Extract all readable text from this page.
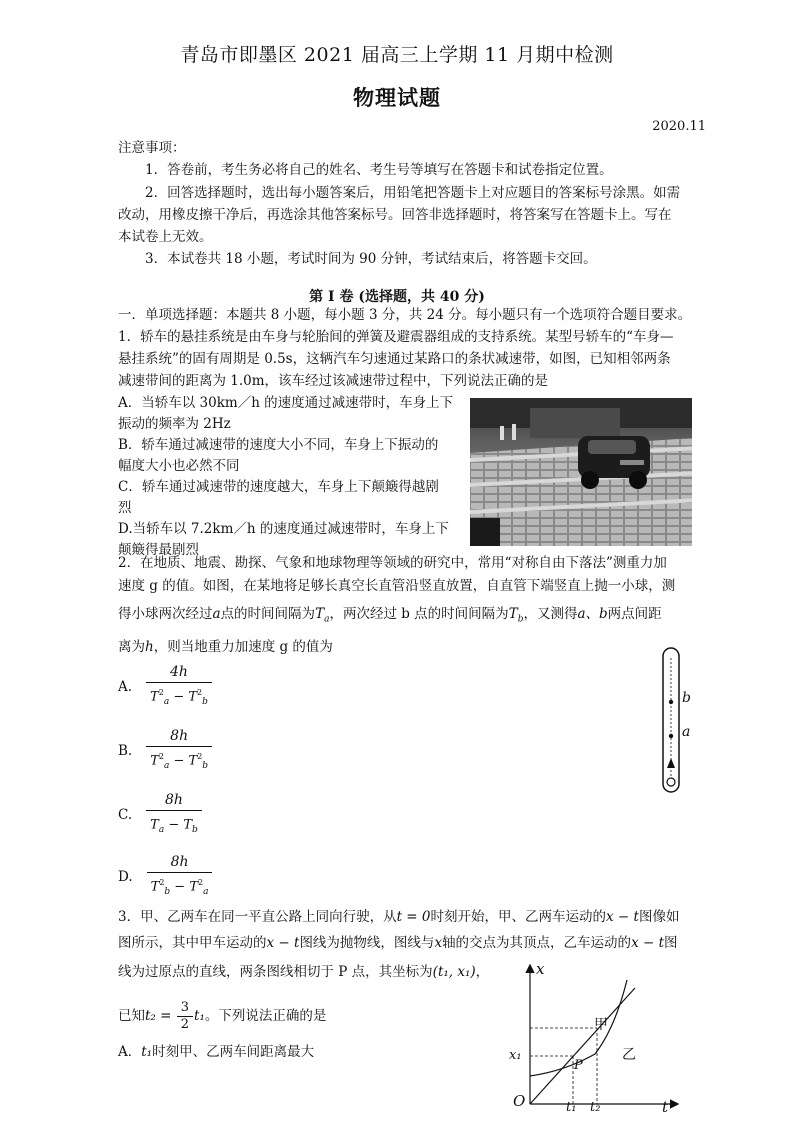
青岛市即墨区 2021 届高三上学期 11 月期中检测
物理试题
2020.11
注意事项：
1．答卷前，考生务必将自己的姓名、考生号等填写在答题卡和试卷指定位置。
2．回答选择题时，选出每小题答案后，用铅笔把答题卡上对应题目的答案标号涂黑。如需
改动，用橡皮擦干净后，再选涂其他答案标号。回答非选择题时，将答案写在答题卡上。写在
本试卷上无效。
3．本试卷共 18 小题，考试时间为 90 分钟，考试结束后，将答题卡交回。
第 I 卷 (选择题，共 40 分)
一．单项选择题：本题共 8 小题，每小题 3 分，共 24 分。每小题只有一个选项符合题目要求。
1．轿车的悬挂系统是由车身与轮胎间的弹簧及避震器组成的支持系统。某型号轿车的“车身—
悬挂系统”的固有周期是 0.5s，这辆汽车匀速通过某路口的条状减速带，如图，已知相邻两条
减速带间的距离为 1.0m，该车经过该减速带过程中，下列说法正确的是
A．当轿车以 30km／h 的速度通过减速带时，车身上下
振动的频率为 2Hz
B．轿车通过减速带的速度大小不同，车身上下振动的
幅度大小也必然不同
C．轿车通过减速带的速度越大，车身上下颠簸得越剧
烈
D.当轿车以 7.2km／h 的速度通过减速带时，车身上下
颠簸得最剧烈
2．在地质、地震、勘探、气象和地球物理等领域的研究中，常用“对称自由下落法”测重力加
速度 g 的值。如图，在某地将足够长真空长直管沿竖直放置，自直管下端竖直上抛一小球，测
得小球两次经过a点的时间间隔为$T_a$，两次经过 b 点的时间间隔为$T_b$，又测得a、b两点间距
离为h，则当地重力加速度 g 的值为
A. $\frac{4h}{T^2_a - T^2_b}$
B. $\frac{8h}{T^2_a - T^2_b}$
C. $\frac{8h}{T_a - T_b}$
D. $\frac{8h}{T^2_b - T^2_a}$
b
a
3．甲、乙两车在同一平直公路上同向行驶，从t = 0时刻开始，甲、乙两车运动的x − t图像如
图所示，其中甲车运动的x − t图线为抛物线，图线与x轴的交点为其顶点，乙车运动的x − t图
线为过原点的直线，两条图线相切于 P 点，其坐标为(t₁, x₁)，
已知$t_2 = \frac{3}{2} t_1$。下列说法正确的是
A．t₁时刻甲、乙两车间距离最大
x
t
O
甲
乙
P
x₁
t₁ t₂
